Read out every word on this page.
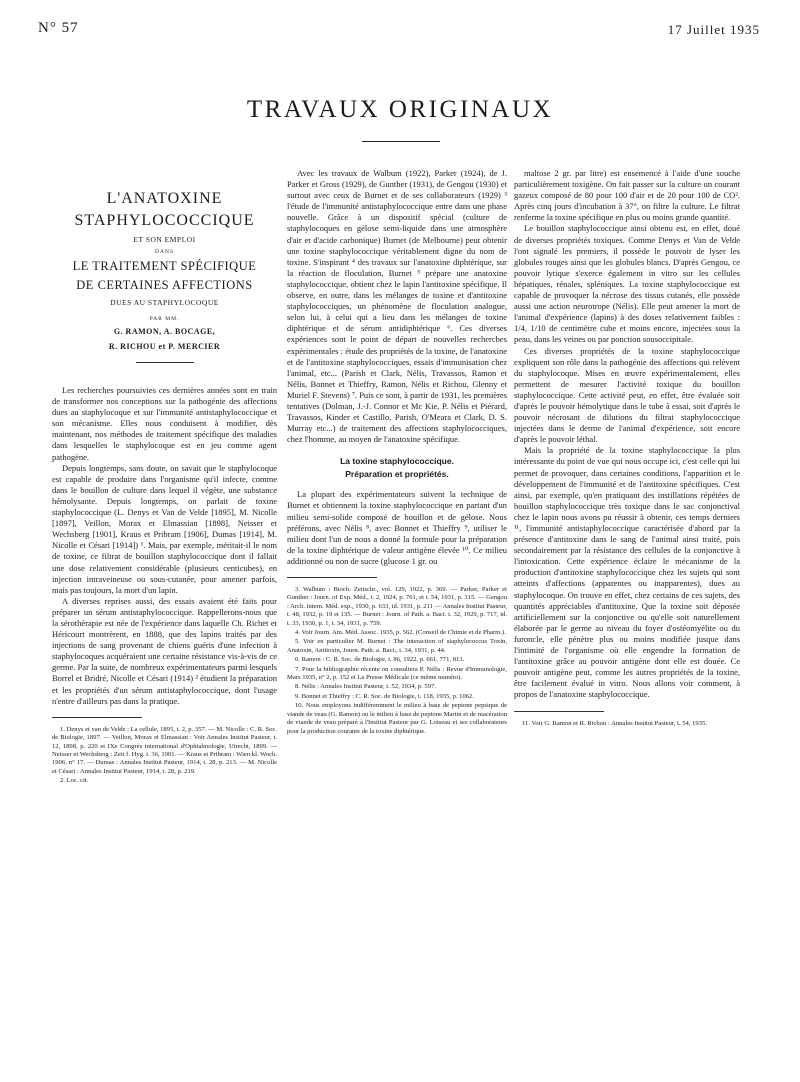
N° 57	17 Juillet 1935
TRAVAUX ORIGINAUX
L'ANATOXINE
STAPHYLOCOCCIQUE
ET SON EMPLOI
DANS
LE TRAITEMENT SPÉCIFIQUE
DE CERTAINES AFFECTIONS
DUES AU STAPHYLOCOQUE
PAR MM.
G. RAMON, A. BOCAGE,
R. RICHOU et P. MERCIER

Les recherches poursuivies ces dernières années sont en train de transformer nos conceptions sur la pathogénie des affections dues au staphylocoque et sur l'immunité antistaphylococcique et son mécanisme. Elles nous conduisent à modifier, dès maintenant, nos méthodes de traitement spécifique des maladies dans lesquelles le staphylocoque est en jeu comme agent pathogène.

Depuis longtemps, sans doute, on savait que le staphylocoque est capable de produire dans l'organisme qu'il infecte, comme dans le bouillon de culture dans lequel il végète, une substance hémolysante. Depuis longtemps, on parlait de toxine staphylococcique (L. Denys et Van de Velde [1895], M. Nicolle [1897], Veillon, Morax et Elmassian [1898], Neisser et Wechsberg [1901], Kraus et Pribram [1906], Dumas [1914], M. Nicolle et Césari [1914]) ¹. Mais, par exemple, méritait-il le nom de toxine, ce filtrat de bouillon staphylococcique dont il fallait une dose relativement considérable (plusieurs centicubes), en injection intraveineuse ou sous-cutanée, pour amener parfois, mais pas toujours, la mort d'un lapin.

A diverses reprises aussi, des essais avaient été faits pour préparer un sérum antistaphylococcique. Rappellerons-nous que la sérothérapie est née de l'expérience dans laquelle Ch. Richet et Héricourt montrèrent, en 1888, que des lapins traités par des injections de sang provenant de chiens guéris d'une infection à staphylocoques acquéraient une certaine résistance vis-à-vis de ce germe. Par la suite, de nombreux expérimentateurs parmi lesquels Borrel et Bridré, Nicolle et Césari (1914) ² étudient la préparation et les propriétés d'un sérum antistaphylococcique, dont l'usage n'entre d'ailleurs pas dans la pratique.

1. Denys et van de Velde : La cellule, 1895, t. 2, p. 357. — M. Nicolle : C. R. Soc. de Biologie, 1897. — Veillon, Morax et Elmassian : Voir Annales Institut Pasteur, t. 12, 1898, p. 220 et IXe Congrès international d'Ophtalmologie, Utrecht, 1899. — Neisser et Wechsberg : Zeit f. Hyg. t. 36, 1901. — Kraus et Pribram : Wien kl. Woch. 1906, n° 17. — Dumas : Annales Institut Pasteur, 1914, t. 28, p. 213. — M. Nicolle et Césari : Annales Institut Pasteur, 1914, t. 28, p. 219.
2. Loc. cit.

Avec les travaux de Walbum (1922), Parker (1924), de J. Parker et Gross (1929), de Gunther (1931), de Gengou (1930) et surtout avec ceux de Burnet et de ses collaborateurs (1929) ³ l'étude de l'immunité antistaphylococcique entre dans une phase nouvelle. Grâce à un dispositif spécial (culture de staphylocoques en gélose semi-liquide dans une atmosphère d'air et d'acide carbonique) Burnet (de Melbourne) peut obtenir une toxine staphylococcique véritablement digne du nom de toxine. S'inspirant ⁴ des travaux sur l'anatoxine diphtérique, sur la réaction de floculation, Burnet ⁵ prépare une anatoxine staphylococcique, obtient chez le lapin l'antitoxine spécifique. Il observe, en outre, dans les mélanges de toxine et d'antitoxine staphylococciques, un phénomène de floculation analogue, selon lui, à celui qui a lieu dans les mélanges de toxine diphtérique et de sérum antidiphtérique ⁶. Ces diverses expériences sont le point de départ de nouvelles recherches expérimentales : étude des propriétés de la toxine, de l'anatoxine et de l'antitoxine staphylococciques, essais d'immunisation chez l'animal, etc... (Parish et Clark, Nélis, Travassos, Ramon et Nélis, Bonnet et Thieffry, Ramon, Nélis et Richou, Glenny et Muriel F. Stevens) ⁷. Puis ce sont, à partir de 1931, les premières tentatives (Dolman, J.-J. Connor et Mc Kie, P. Nélis et Piérard, Travassos, Kinder et Castillo, Parish, O'Meara et Clark, D. S. Murray etc...) de traitement des affections staphylococciques, chez l'homme, au moyen de l'anatoxine spécifique.

La toxine staphylococcique.
Préparation et propriétés.

La plupart des expérimentateurs suivent la technique de Burnet et obtiennent la toxine staphylococcique en partant d'un milieu semi-solide composé de bouillon et de gélose. Nous préférons, avec Nélis ⁸, avec Bonnet et Thieffry ⁹, utiliser le milieu dont l'un de nous a donné la formule pour la préparation de la toxine diphtérique de valeur antigène élevée ¹⁰. Ce milieu additionné ou non de sucre (glucose 1 gr. ou

3. Walbum : Bioch. Zeitschr., vol. 129, 1922, p. 369. — Parker, Parker et Gunther : Journ. of Exp. Méd., t. 2, 1924, p. 761, et t. 54, 1931, p. 315. — Gengou : Arch. intern. Méd. exp., 1930, p. 633, id. 1931, p. 211 — Annales Institut Pasteur, t. 48, 1932, p. 19 et 135. — Burnet : Journ. of Path. a. Bact. t. 32, 1929, p. 717, id. t. 33, 1930, p. 1, t. 34, 1931, p. 759.
4. Voir Journ. Am. Méd. Assoc. 1935, p. 562. (Conseil de Chimie et de Pharm.).
5. Voir en particulier M. Burnet : The interaction of staphylococcus Toxin, Anatoxin, Antitoxin, Journ. Path. a. Bact., t. 34, 1931, p. 44.
6. Ramon : C. R. Soc. de Biologie, t. 86, 1922, p. 661, 771, 813.
7. Pour la bibliographie récente on consultera P. Nélis : Revue d'Immunologie, Mars 1935, n° 2, p. 152 et La Presse Médicale (ce même numéro).
8. Nélis : Annales Institut Pasteur, t. 52, 1934, p. 597.
9. Bonnet et Thieffry : C. R. Soc. de Biologie, t. 118, 1935, p. 1062.
10. Nous employons indifféremment le milieu à base de peptone pepsique de viande de veau (G. Ramon) ou le milieu à base de peptone Martin et de macération de viande de veau préparé à l'Institut Pasteur par G. Loiseau et ses collaborateurs pour la production courante de la toxine diphtérique.

maltose 2 gr. par litre) est ensemencé à l'aide d'une souche particulièrement toxigène. On fait passer sur la culture un courant gazeux composé de 80 pour 100 d'air et de 20 pour 100 de CO². Après cinq jours d'incubation à 37°, on filtre la culture. Le filtrat renferme la toxine spécifique en plus ou moins grande quantité.

Le bouillon staphylococcique ainsi obtenu est, en effet, doué de diverses propriétés toxiques. Comme Denys et Van de Velde l'ont signalé les premiers, il possède le pouvoir de lyser les globules rouges ainsi que les globules blancs. D'après Gengou, ce pouvoir lytique s'exerce également in vitro sur les cellules hépatiques, rénales, spléniques. La toxine staphylococcique est capable de provoquer la nécrose des tissus cutanés, elle possède aussi une action neurotrope (Nélis). Elle peut amener la mort de l'animal d'expérience (lapins) à des doses relativement faibles : 1/4, 1/10 de centimètre cube et moins encore, injectées sous la peau, dans les veines ou par ponction sousoccipitale.

Ces diverses propriétés de la toxine staphylococcique expliquent son rôle dans la pathogénie des affections qui relèvent du staphylocoque. Mises en œuvre expérimentalement, elles permettent de mesurer l'activité toxique du bouillon staphylococcique. Cette activité peut, en effet, être évaluée soit d'après le pouvoir hémolytique dans le tube à essai, soit d'après le pouvoir nécrosant de dilutions du filtrat staphylococcique injectées dans le derme de l'animal d'expérience, soit encore d'après le pouvoir léthal.

Mais la propriété de la toxine staphylococcique la plus intéressante du point de vue qui nous occupe ici, c'est celle qui lui permet de provoquer, dans certaines conditions, l'apparition et le développement de l'immunité et de l'antitoxine spécifiques. C'est ainsi, par exemple, qu'en pratiquant des instillations répétées de bouillon staphylococcique très toxique dans le sac conjonctival chez le lapin nous avons pu réussir à obtenir, ces temps derniers ¹¹, l'immunité antistaphylococcique caractérisée d'abord par la présence d'antitoxine dans le sang de l'animal ainsi traité, puis secondairement par la résistance des cellules de la conjonctive à l'intoxication. Cette expérience éclaire le mécanisme de la production d'antitoxine staphylococcique chez les sujets qui sont atteints d'affections (apparentes ou inapparentes), dues au staphylocoque. On trouve en effet, chez certains de ces sujets, des quantités appréciables d'antitoxine. Que la toxine soit déposée artificiellement sur la conjonctive ou qu'elle soit naturellement élaborée par le germe au niveau du foyer d'ostéomyélite ou du furoncle, elle pénètre plus ou moins modifiée jusque dans l'intimité de l'organisme où elle engendre la formation de l'antitoxine grâce au pouvoir antigène dont elle est douée. Ce pouvoir antigène peut, comme les autres propriétés de la toxine, être facilement évalué in vitro. Nous allons voir comment, à propos de l'anatoxine staphylococcique.

11. Voir G. Ramon et R. Richou : Annales Institut Pasteur, t. 54, 1935.
